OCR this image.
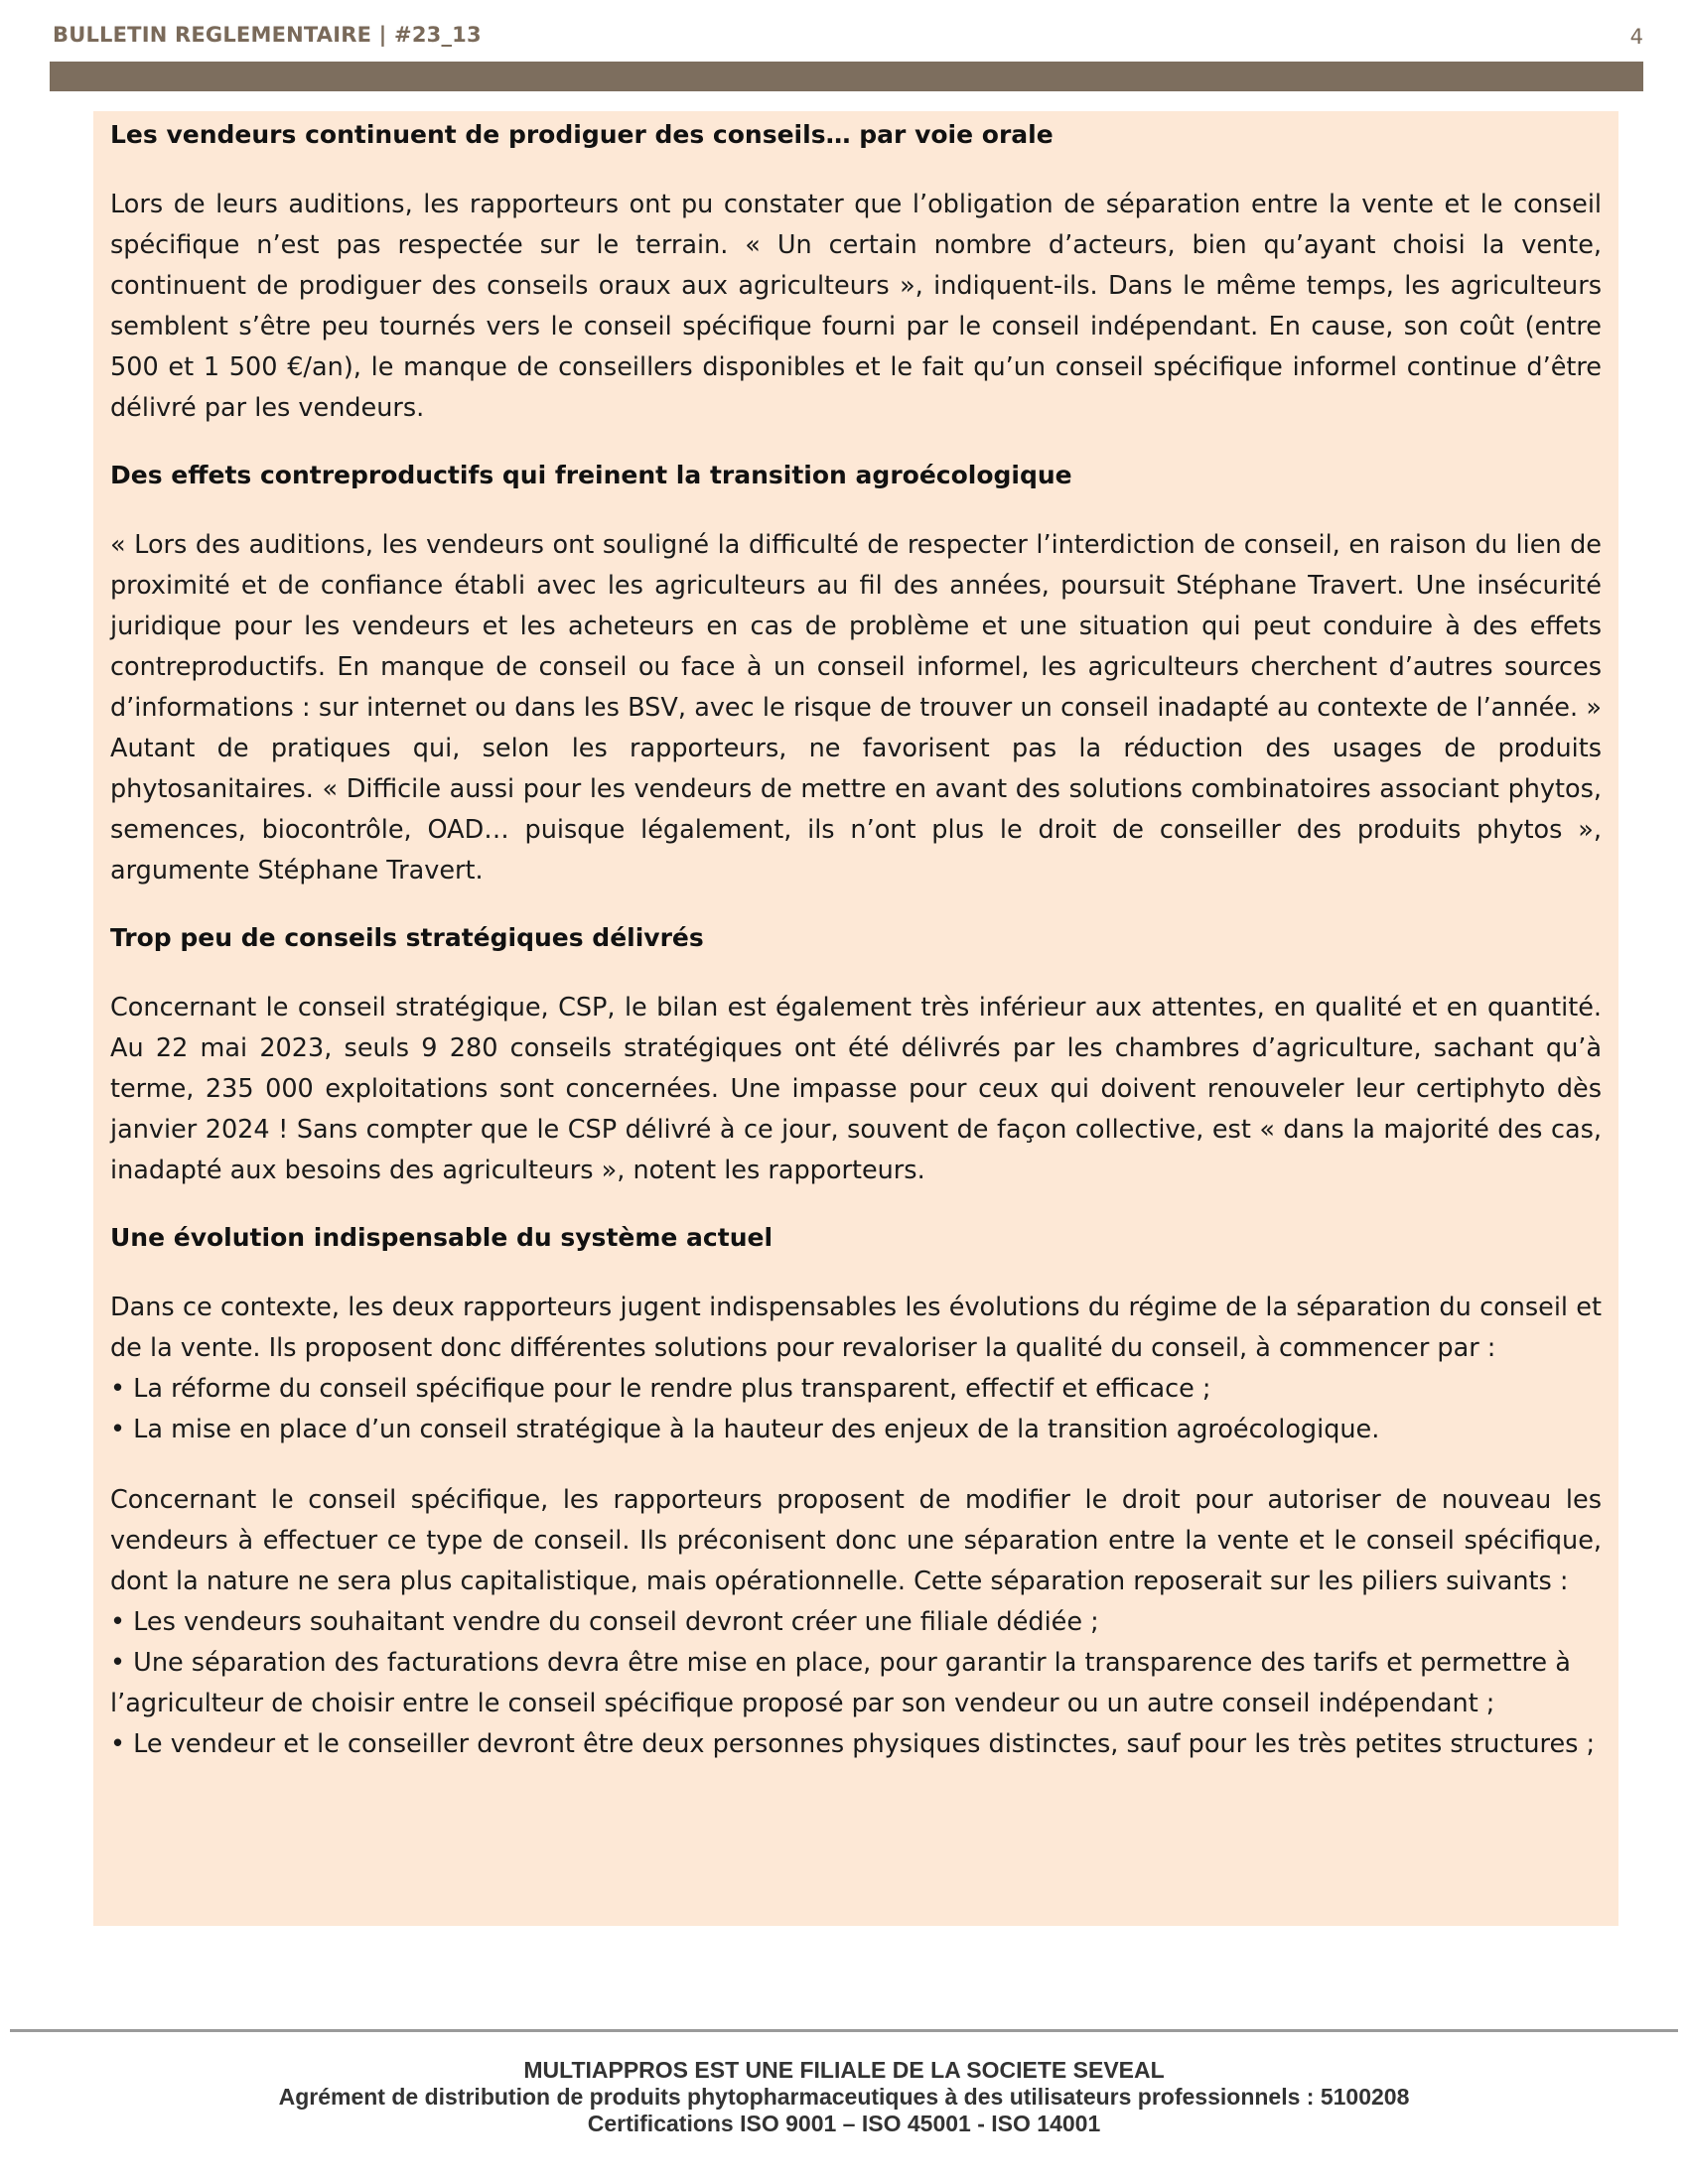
BULLETIN REGLEMENTAIRE | #23_13	4
Les vendeurs continuent de prodiguer des conseils… par voie orale

Lors de leurs auditions, les rapporteurs ont pu constater que l’obligation de séparation entre la vente et le conseil spécifique n’est pas respectée sur le terrain. « Un certain nombre d’acteurs, bien qu’ayant choisi la vente, continuent de prodiguer des conseils oraux aux agriculteurs », indiquent-ils. Dans le même temps, les agriculteurs semblent s’être peu tournés vers le conseil spécifique fourni par le conseil indépendant. En cause, son coût (entre 500 et 1 500 €/an), le manque de conseillers disponibles et le fait qu’un conseil spécifique informel continue d’être délivré par les vendeurs.

Des effets contreproductifs qui freinent la transition agroécologique

« Lors des auditions, les vendeurs ont souligné la difficulté de respecter l’interdiction de conseil, en raison du lien de proximité et de confiance établi avec les agriculteurs au fil des années, poursuit Stéphane Travert. Une insécurité juridique pour les vendeurs et les acheteurs en cas de problème et une situation qui peut conduire à des effets contreproductifs. En manque de conseil ou face à un conseil informel, les agriculteurs cherchent d’autres sources d’informations : sur internet ou dans les BSV, avec le risque de trouver un conseil inadapté au contexte de l’année. » Autant de pratiques qui, selon les rapporteurs, ne favorisent pas la réduction des usages de produits phytosanitaires. « Difficile aussi pour les vendeurs de mettre en avant des solutions combinatoires associant phytos, semences, biocontrôle, OAD… puisque légalement, ils n’ont plus le droit de conseiller des produits phytos », argumente Stéphane Travert.

Trop peu de conseils stratégiques délivrés

Concernant le conseil stratégique, CSP, le bilan est également très inférieur aux attentes, en qualité et en quantité. Au 22 mai 2023, seuls 9 280 conseils stratégiques ont été délivrés par les chambres d’agriculture, sachant qu’à terme, 235 000 exploitations sont concernées. Une impasse pour ceux qui doivent renouveler leur certiphyto dès janvier 2024 ! Sans compter que le CSP délivré à ce jour, souvent de façon collective, est « dans la majorité des cas, inadapté aux besoins des agriculteurs », notent les rapporteurs.

Une évolution indispensable du système actuel

Dans ce contexte, les deux rapporteurs jugent indispensables les évolutions du régime de la séparation du conseil et de la vente. Ils proposent donc différentes solutions pour revaloriser la qualité du conseil, à commencer par :

• La réforme du conseil spécifique pour le rendre plus transparent, effectif et efficace ;
• La mise en place d’un conseil stratégique à la hauteur des enjeux de la transition agroécologique.

Concernant le conseil spécifique, les rapporteurs proposent de modifier le droit pour autoriser de nouveau les vendeurs à effectuer ce type de conseil. Ils préconisent donc une séparation entre la vente et le conseil spécifique, dont la nature ne sera plus capitalistique, mais opérationnelle. Cette séparation reposerait sur les piliers suivants :

• Les vendeurs souhaitant vendre du conseil devront créer une filiale dédiée ;
• Une séparation des facturations devra être mise en place, pour garantir la transparence des tarifs et permettre à l’agriculteur de choisir entre le conseil spécifique proposé par son vendeur ou un autre conseil indépendant ;
• Le vendeur et le conseiller devront être deux personnes physiques distinctes, sauf pour les très petites structures ;
MULTIAPPROS EST UNE FILIALE DE LA SOCIETE SEVEAL
Agrément de distribution de produits phytopharmaceutiques à des utilisateurs professionnels : 5100208
Certifications ISO 9001 – ISO 45001 - ISO 14001
